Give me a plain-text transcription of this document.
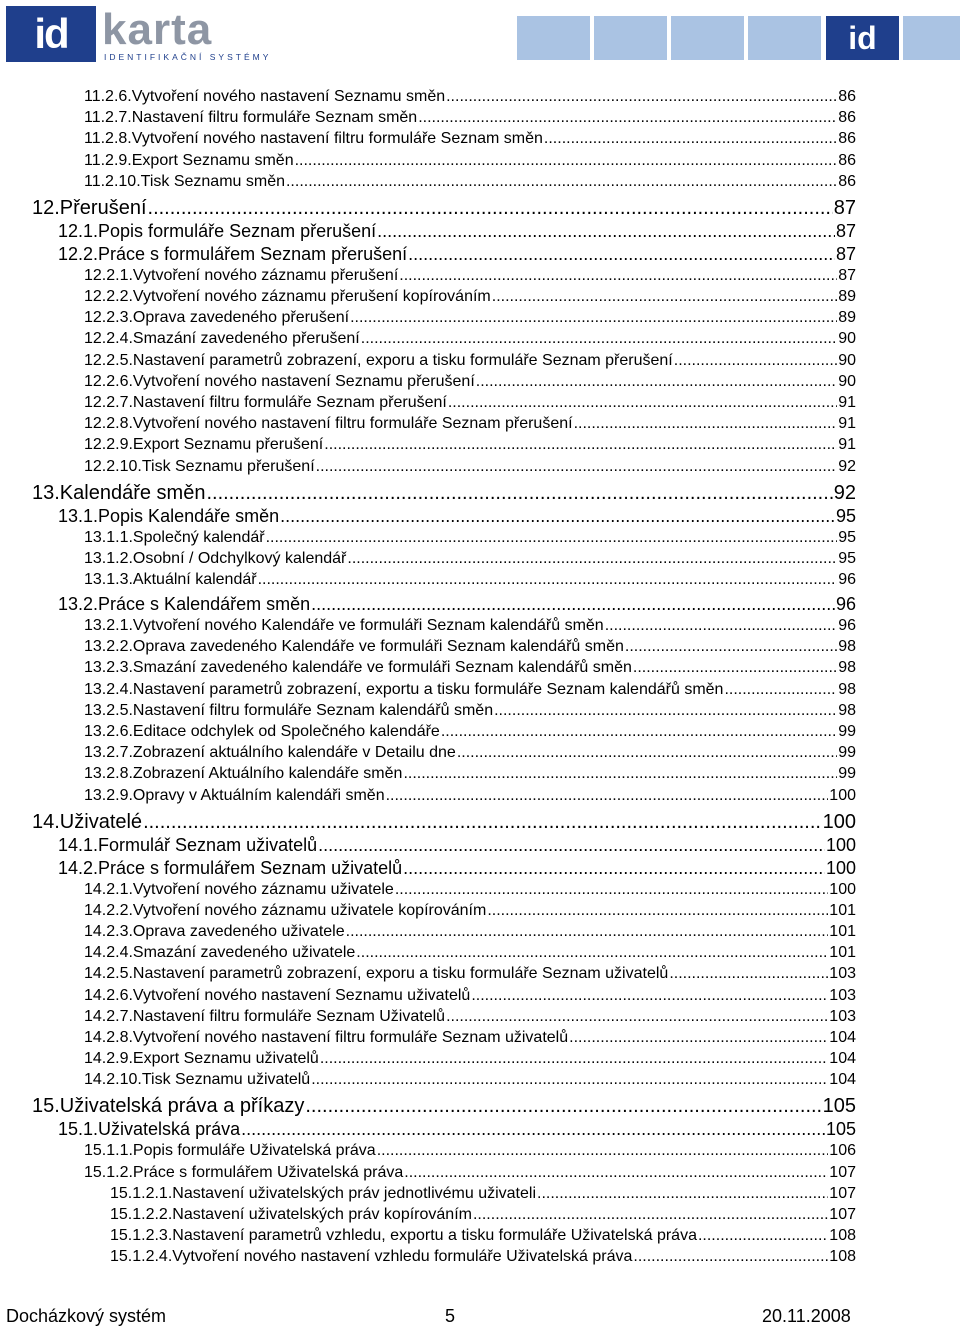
id karta
IDENTIFIKAČNÍ SYSTÉMY
id
11.2.6.Vytvoření nového nastavení Seznamu směn .....	86
11.2.7.Nastavení filtru formuláře Seznam směn .....	86
11.2.8.Vytvoření nového nastavení filtru formuláře Seznam směn .....	86
11.2.9.Export Seznamu směn .....	86
11.2.10.Tisk Seznamu směn .....	86
12.Přerušení .....	87
12.1.Popis formuláře Seznam přerušení .....	87
12.2.Práce s formulářem Seznam přerušení .....	87
12.2.1.Vytvoření nového záznamu přerušení .....	87
12.2.2.Vytvoření nového záznamu přerušení kopírováním .....	89
12.2.3.Oprava zavedeného přerušení .....	89
12.2.4.Smazání zavedeného přerušení .....	90
12.2.5.Nastavení parametrů zobrazení, exporu a tisku formuláře Seznam přerušení .....	90
12.2.6.Vytvoření nového nastavení Seznamu přerušení .....	90
12.2.7.Nastavení filtru formuláře Seznam přerušení .....	91
12.2.8.Vytvoření nového nastavení filtru formuláře Seznam přerušení .....	91
12.2.9.Export Seznamu přerušení .....	91
12.2.10.Tisk Seznamu přerušení .....	92
13.Kalendáře směn .....	92
13.1.Popis Kalendáře směn .....	95
13.1.1.Společný kalendář .....	95
13.1.2.Osobní / Odchylkový kalendář .....	95
13.1.3.Aktuální kalendář .....	96
13.2.Práce s Kalendářem směn .....	96
13.2.1.Vytvoření nového Kalendáře ve formuláři Seznam kalendářů směn .....	96
13.2.2.Oprava zavedeného Kalendáře ve formuláři Seznam kalendářů směn .....	98
13.2.3.Smazání zavedeného kalendáře ve formuláři Seznam kalendářů směn .....	98
13.2.4.Nastavení parametrů zobrazení, exportu a tisku formuláře Seznam kalendářů směn .....	98
13.2.5.Nastavení filtru formuláře Seznam kalendářů směn .....	98
13.2.6.Editace odchylek od Společného kalendáře .....	99
13.2.7.Zobrazení aktuálního kalendáře v Detailu dne .....	99
13.2.8.Zobrazení Aktuálního kalendáře směn .....	99
13.2.9.Opravy v Aktuálním kalendáři směn .....	100
14.Uživatelé .....	100
14.1.Formulář Seznam uživatelů .....	100
14.2.Práce s formulářem Seznam uživatelů .....	100
14.2.1.Vytvoření nového záznamu uživatele .....	100
14.2.2.Vytvoření nového záznamu uživatele kopírováním .....	101
14.2.3.Oprava zavedeného uživatele .....	101
14.2.4.Smazání zavedeného uživatele .....	101
14.2.5.Nastavení parametrů zobrazení, exporu a tisku formuláře Seznam uživatelů .....	103
14.2.6.Vytvoření nového nastavení Seznamu uživatelů .....	103
14.2.7.Nastavení filtru formuláře Seznam Uživatelů .....	103
14.2.8.Vytvoření nového nastavení filtru formuláře Seznam uživatelů .....	104
14.2.9.Export Seznamu uživatelů .....	104
14.2.10.Tisk Seznamu uživatelů .....	104
15.Uživatelská práva a příkazy .....	105
15.1.Uživatelská práva .....	105
15.1.1.Popis formuláře Uživatelská práva .....	106
15.1.2.Práce s formulářem Uživatelská práva .....	107
15.1.2.1.Nastavení uživatelských práv jednotlivému uživateli .....	107
15.1.2.2.Nastavení uživatelských práv kopírováním .....	107
15.1.2.3.Nastavení parametrů vzhledu, exportu a tisku formuláře Uživatelská práva .....	108
15.1.2.4.Vytvoření nového nastavení vzhledu formuláře Uživatelská práva .....	108
Docházkový systém	5	20.11.2008
